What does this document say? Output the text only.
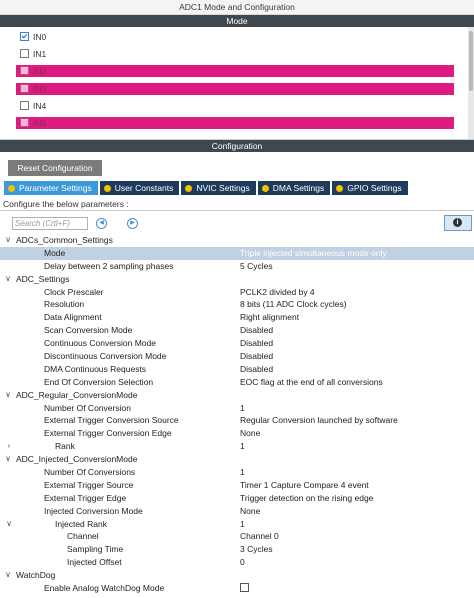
ADC1 Mode and Configuration
Mode
IN0
IN1
IN2
IN3
IN4
IN5
Configuration
Reset Configuration
Parameter Settings	User Constants	NVIC Settings	DMA Settings	GPIO Settings
Configure the below parameters :
Search (Crtl+F)	◀	▶	i
∨ ADCs_Common_Settings
Mode	Triple injected simultaneous mode only
Delay between 2 sampling phases	5 Cycles
∨ ADC_Settings
Clock Prescaler	PCLK2 divided by 4
Resolution	8 bits (11 ADC Clock cycles)
Data Alignment	Right alignment
Scan Conversion Mode	Disabled
Continuous Conversion Mode	Disabled
Discontinuous Conversion Mode	Disabled
DMA Continuous Requests	Disabled
End Of Conversion Selection	EOC flag at the end of all conversions
∨ ADC_Regular_ConversionMode
Number Of Conversion	1
External Trigger Conversion Source	Regular Conversion launched by software
External Trigger Conversion Edge	None
›	Rank	1
∨ ADC_Injected_ConversionMode
Number Of Conversions	1
External Trigger Source	Timer 1 Capture Compare 4 event
External Trigger Edge	Trigger detection on the rising edge
Injected Conversion Mode	None
∨	Injected Rank	1
Channel	Channel 0
Sampling Time	3 Cycles
Injected Offset	0
∨ WatchDog
Enable Analog WatchDog Mode
